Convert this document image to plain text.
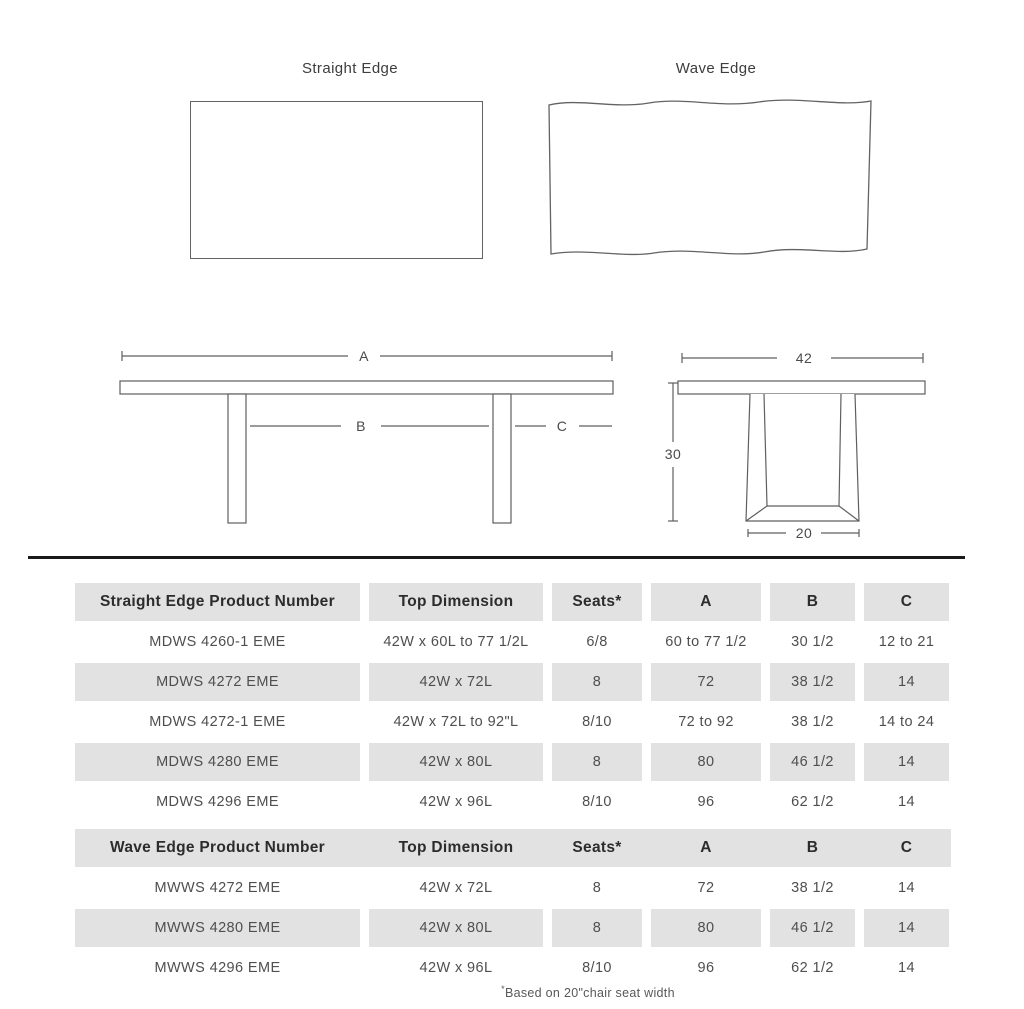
Straight Edge	Wave Edge
A
B	C
42
30
20
Straight Edge Product Number	Top Dimension	Seats*	A	B	C
MDWS 4260-1 EME	42W x 60L to 77 1/2L	6/8	60 to 77 1/2	30 1/2	12 to 21
MDWS 4272 EME	42W x 72L	8	72	38 1/2	14
MDWS 4272-1 EME	42W x 72L to 92"L	8/10	72 to 92	38 1/2	14 to 24
MDWS 4280 EME	42W x 80L	8	80	46 1/2	14
MDWS 4296 EME	42W x 96L	8/10	96	62 1/2	14
Wave Edge Product Number	Top Dimension	Seats*	A	B	C
MWWS 4272 EME	42W x 72L	8	72	38 1/2	14
MWWS 4280 EME	42W x 80L	8	80	46 1/2	14
MWWS 4296 EME	42W x 96L	8/10	96	62 1/2	14
*Based on 20"chair seat width
